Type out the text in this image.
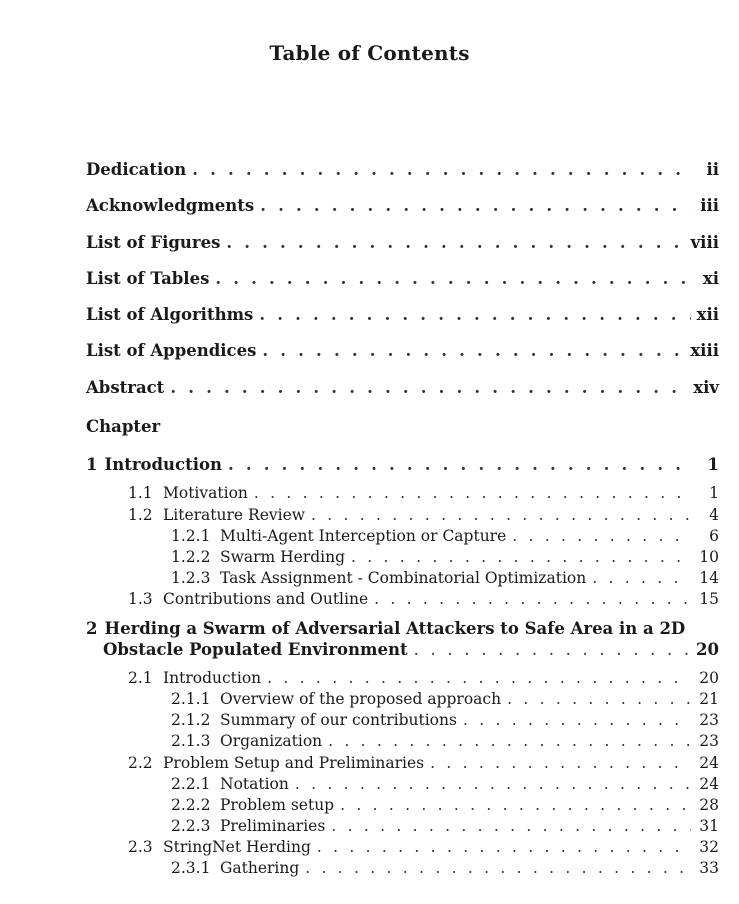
Table of Contents
Dedication . . .	ii
Acknowledgments . . .	iii
List of Figures . . .	viii
List of Tables . . .	xi
List of Algorithms . . .	xii
List of Appendices . . .	xiii
Abstract . . .	xiv
Chapter
1 Introduction . . .	1
1.1 Motivation . . .	1
1.2 Literature Review . . .	4
1.2.1 Multi-Agent Interception or Capture . . .	6
1.2.2 Swarm Herding . . .	10
1.2.3 Task Assignment - Combinatorial Optimization . . .	14
1.3 Contributions and Outline . . .	15
2 Herding a Swarm of Adversarial Attackers to Safe Area in a 2D
Obstacle Populated Environment . . .	20
2.1 Introduction . . .	20
2.1.1 Overview of the proposed approach . . .	21
2.1.2 Summary of our contributions . . .	23
2.1.3 Organization . . .	23
2.2 Problem Setup and Preliminaries . . .	24
2.2.1 Notation . . .	24
2.2.2 Problem setup . . .	28
2.2.3 Preliminaries . . .	31
2.3 StringNet Herding . . .	32
2.3.1 Gathering . . .	33
